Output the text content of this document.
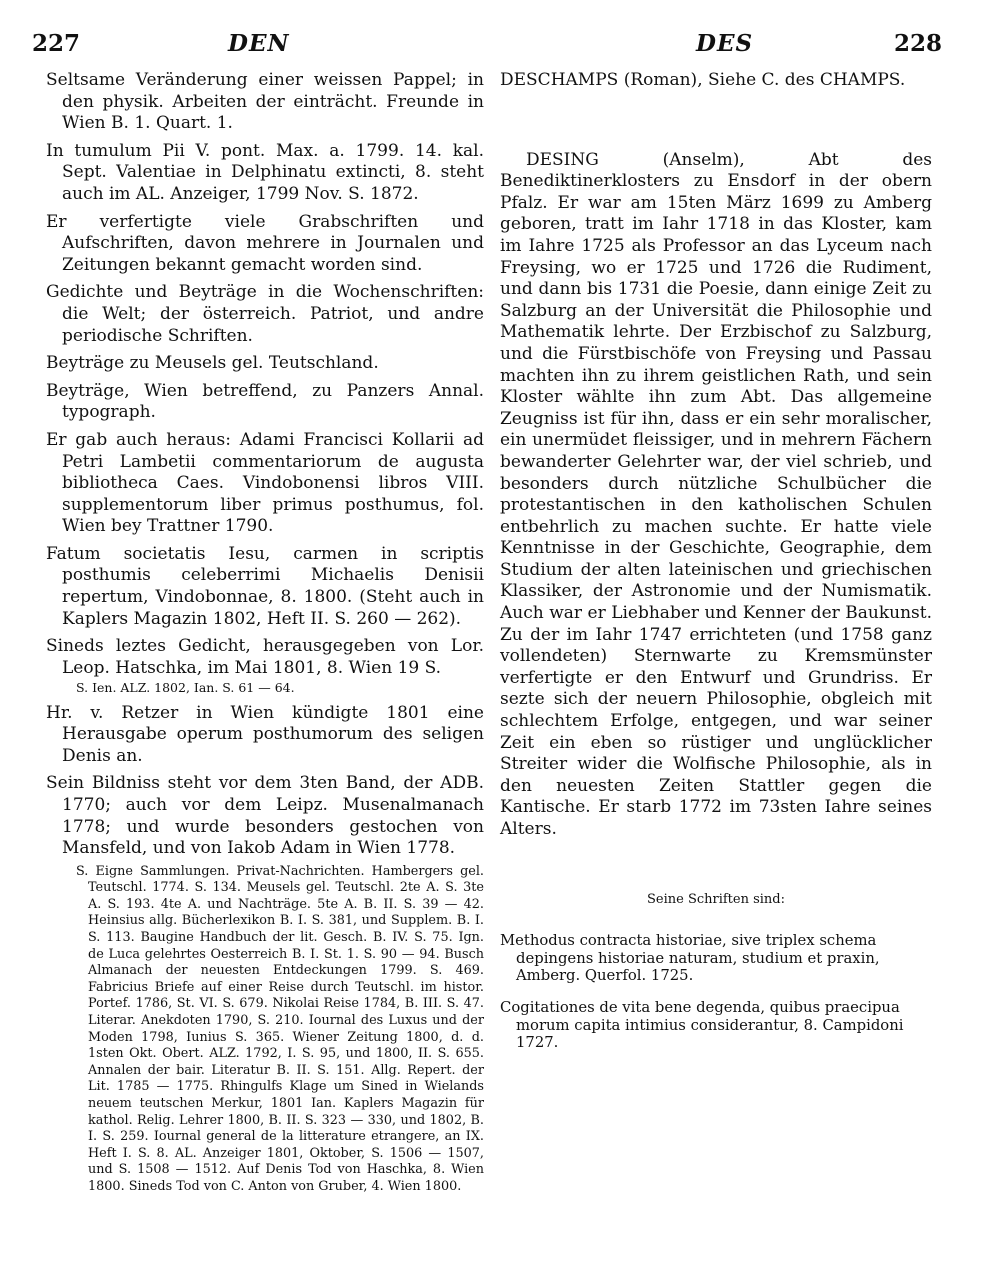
227	DEN	DES	228

Seltsame Veränderung einer weissen Pappel; in den physik. Arbeiten der einträcht. Freunde in Wien B. 1. Quart. 1.

In tumulum Pii V. pont. Max. a. 1799. 14. kal. Sept. Valentiae in Delphinatu extincti, 8. steht auch im AL. Anzeiger, 1799 Nov. S. 1872.

Er verfertigte viele Grabschriften und Aufschriften, davon mehrere in Journalen und Zeitungen bekannt gemacht worden sind.

Gedichte und Beyträge in die Wochenschriften: die Welt; der österreich. Patriot, und andre periodische Schriften.

Beyträge zu Meusels gel. Teutschland.

Beyträge, Wien betreffend, zu Panzers Annal. typograph.

Er gab auch heraus: Adami Francisci Kollarii ad Petri Lambetii commentariorum de augusta bibliotheca Caes. Vindobonensi libros VIII. supplementorum liber primus posthumus, fol. Wien bey Trattner 1790.

Fatum societatis Iesu, carmen in scriptis posthumis celeberrimi Michaelis Denisii repertum, Vindobonnae, 8. 1800. (Steht auch in Kaplers Magazin 1802, Heft II. S. 260 — 262).

Sineds leztes Gedicht, herausgegeben von Lor. Leop. Hatschka, im Mai 1801, 8. Wien 19 S.

S. Ien. ALZ. 1802, Ian. S. 61 — 64.

Hr. v. Retzer in Wien kündigte 1801 eine Herausgabe operum posthumorum des seligen Denis an.

Sein Bildniss steht vor dem 3ten Band, der ADB. 1770; auch vor dem Leipz. Musenalmanach 1778; und wurde besonders gestochen von Mansfeld, und von Iakob Adam in Wien 1778.

S. Eigne Sammlungen. Privat-Nachrichten. Hambergers gel. Teutschl. 1774. S. 134. Meusels gel. Teutschl. 2te A. S. 3te A. S. 193. 4te A. und Nachträge. 5te A. B. II. S. 39 — 42. Heinsius allg. Bücherlexikon B. I. S. 381, und Supplem. B. I. S. 113. Baugine Handbuch der lit. Gesch. B. IV. S. 75. Ign. de Luca gelehrtes Oesterreich B. I. St. 1. S. 90 — 94. Busch Almanach der neuesten Entdeckungen 1799. S. 469. Fabricius Briefe auf einer Reise durch Teutschl. im histor. Portef. 1786, St. VI. S. 679. Nikolai Reise 1784, B. III. S. 47. Literar. Anekdoten 1790, S. 210. Iournal des Luxus und der Moden 1798, Iunius S. 365. Wiener Zeitung 1800, d. d. 1sten Okt. Obert. ALZ. 1792, I. S. 95, und 1800, II. S. 655. Annalen der bair. Literatur B. II. S. 151. Allg. Repert. der Lit. 1785 — 1775. Rhingulfs Klage um Sined in Wielands neuem teutschen Merkur, 1801 Ian. Kaplers Magazin für kathol. Relig. Lehrer 1800, B. II. S. 323 — 330, und 1802, B. I. S. 259. Iournal general de la litterature etrangere, an IX. Heft I. S. 8. AL. Anzeiger 1801, Oktober, S. 1506 — 1507, und S. 1508 — 1512. Auf Denis Tod von Haschka, 8. Wien 1800. Sineds Tod von C. Anton von Gruber, 4. Wien 1800.

DESCHAMPS (Roman), Siehe C. des CHAMPS.

DESING (Anselm), Abt des Benediktinerklosters zu Ensdorf in der obern Pfalz. Er war am 15ten März 1699 zu Amberg geboren, tratt im Iahr 1718 in das Kloster, kam im Iahre 1725 als Professor an das Lyceum nach Freysing, wo er 1725 und 1726 die Rudiment, und dann bis 1731 die Poesie, dann einige Zeit zu Salzburg an der Universität die Philosophie und Mathematik lehrte. Der Erzbischof zu Salzburg, und die Fürstbischöfe von Freysing und Passau machten ihn zu ihrem geistlichen Rath, und sein Kloster wählte ihn zum Abt. Das allgemeine Zeugniss ist für ihn, dass er ein sehr moralischer, ein unermüdet fleissiger, und in mehrern Fächern bewanderter Gelehrter war, der viel schrieb, und besonders durch nützliche Schulbücher die protestantischen in den katholischen Schulen entbehrlich zu machen suchte. Er hatte viele Kenntnisse in der Geschichte, Geographie, dem Studium der alten lateinischen und griechischen Klassiker, der Astronomie und der Numismatik. Auch war er Liebhaber und Kenner der Baukunst. Zu der im Iahr 1747 errichteten (und 1758 ganz vollendeten) Sternwarte zu Kremsmünster verfertigte er den Entwurf und Grundriss. Er sezte sich der neuern Philosophie, obgleich mit schlechtem Erfolge, entgegen, und war seiner Zeit ein eben so rüstiger und unglücklicher Streiter wider die Wolfische Philosophie, als in den neuesten Zeiten Stattler gegen die Kantische. Er starb 1772 im 73sten Iahre seines Alters.

Seine Schriften sind:

Methodus contracta historiae, sive triplex schema depingens historiae naturam, studium et praxin, Amberg. Querfol. 1725.

Cogitationes de vita bene degenda, quibus praecipua morum capita intimius considerantur, 8. Campidoni 1727.
